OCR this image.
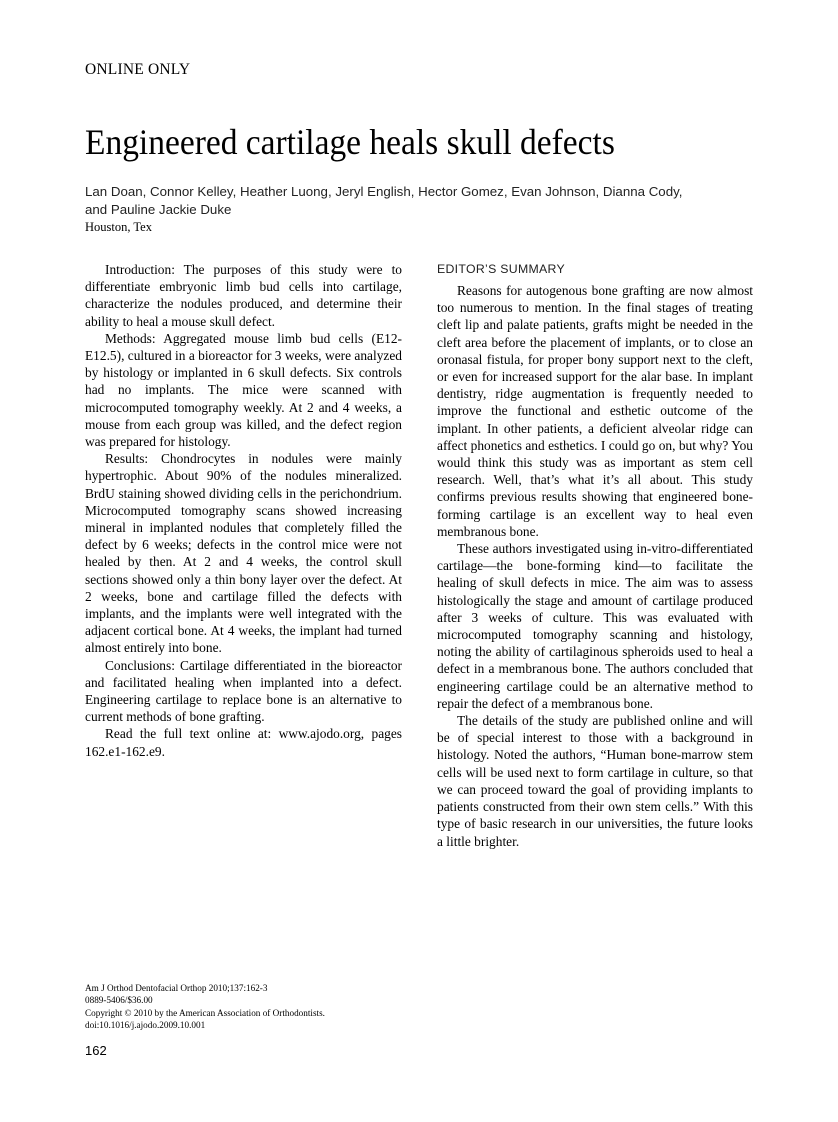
ONLINE ONLY
Engineered cartilage heals skull defects
Lan Doan, Connor Kelley, Heather Luong, Jeryl English, Hector Gomez, Evan Johnson, Dianna Cody,
and Pauline Jackie Duke
Houston, Tex

Introduction: The purposes of this study were to differentiate embryonic limb bud cells into cartilage, characterize the nodules produced, and determine their ability to heal a mouse skull defect.

Methods: Aggregated mouse limb bud cells (E12-E12.5), cultured in a bioreactor for 3 weeks, were analyzed by histology or implanted in 6 skull defects. Six controls had no implants. The mice were scanned with microcomputed tomography weekly. At 2 and 4 weeks, a mouse from each group was killed, and the defect region was prepared for histology.

Results: Chondrocytes in nodules were mainly hypertrophic. About 90% of the nodules mineralized. BrdU staining showed dividing cells in the perichondrium. Microcomputed tomography scans showed increasing mineral in implanted nodules that completely filled the defect by 6 weeks; defects in the control mice were not healed by then. At 2 and 4 weeks, the control skull sections showed only a thin bony layer over the defect. At 2 weeks, bone and cartilage filled the defects with implants, and the implants were well integrated with the adjacent cortical bone. At 4 weeks, the implant had turned almost entirely into bone.

Conclusions: Cartilage differentiated in the bioreactor and facilitated healing when implanted into a defect. Engineering cartilage to replace bone is an alternative to current methods of bone grafting.

Read the full text online at: www.ajodo.org, pages 162.e1-162.e9.

EDITOR’S SUMMARY

Reasons for autogenous bone grafting are now almost too numerous to mention. In the final stages of treating cleft lip and palate patients, grafts might be needed in the cleft area before the placement of implants, or to close an oronasal fistula, for proper bony support next to the cleft, or even for increased support for the alar base. In implant dentistry, ridge augmentation is frequently needed to improve the functional and esthetic outcome of the implant. In other patients, a deficient alveolar ridge can affect phonetics and esthetics. I could go on, but why? You would think this study was as important as stem cell research. Well, that’s what it’s all about. This study confirms previous results showing that engineered bone-forming cartilage is an excellent way to heal even membranous bone.

These authors investigated using in-vitro-differentiated cartilage—the bone-forming kind—to facilitate the healing of skull defects in mice. The aim was to assess histologically the stage and amount of cartilage produced after 3 weeks of culture. This was evaluated with microcomputed tomography scanning and histology, noting the ability of cartilaginous spheroids used to heal a defect in a membranous bone. The authors concluded that engineering cartilage could be an alternative method to repair the defect of a membranous bone.

The details of the study are published online and will be of special interest to those with a background in histology. Noted the authors, “Human bone-marrow stem cells will be used next to form cartilage in culture, so that we can proceed toward the goal of providing implants to patients constructed from their own stem cells.” With this type of basic research in our universities, the future looks a little brighter.

Am J Orthod Dentofacial Orthop 2010;137:162-3
0889-5406/$36.00
Copyright © 2010 by the American Association of Orthodontists.
doi:10.1016/j.ajodo.2009.10.001
162
